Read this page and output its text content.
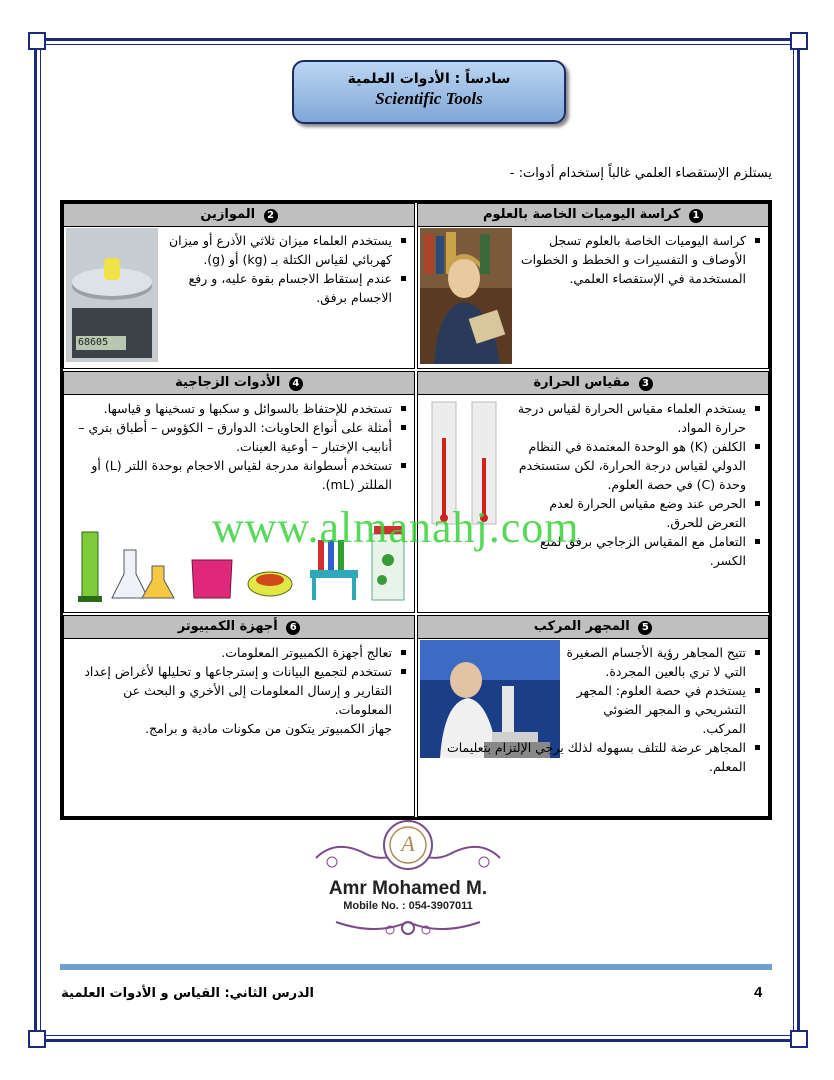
سادساً : الأدوات العلمية
Scientific Tools
يستلزم الإستقصاء العلمي غالباً إستخدام أدوات: -
1 كراسة اليوميات الخاصة بالعلوم
كراسة اليوميات الخاصة بالعلوم تسجل الأوصاف و التفسيرات و الخطط و الخطوات المستخدمة في الإستقصاء العلمي.
2 الموازين
68605
يستخدم العلماء ميزان ثلاثي الأذرع أو ميزان كهربائي لقياس الكتلة بـ (kg) أو (g).
عندم إستقاط الاجسام بقوة عليه، و رفع الاجسام برفق.
3 مقياس الحرارة
يستخدم العلماء مقياس الحرارة لقياس درجة حرارة المواد.
الكلفن (K) هو الوحدة المعتمدة في النظام الدولي لقياس درجة الحرارة، لكن ستستخدم وحدة (C) في حصة العلوم.
الحرص عند وضع مقياس الحرارة لعدم التعرض للحرق.
التعامل مع المقياس الزجاجي برفق لمنع الكسر.
4 الأدوات الزجاجية
تستخدم للإحتفاظ بالسوائل و سكبها و تسخينها و قياسها.
أمثلة على أنواع الحاويات: الدوارق – الكؤوس – أطباق بتري – أنابيب الإختبار – أوعية العينات.
تستخدم أسطوانة مدرجة لقياس الاحجام بوحدة اللتر (L) أو المللتر (mL).
5 المجهر المركب
تتيح المجاهر رؤية الأجسام الصغيرة التي لا تري بالعين المجردة.
يستخدم في حصة العلوم: المجهر التشريحي و المجهر الضوئي المركب.
المجاهر عرضة للتلف بسهوله لذلك يرجي الإلتزام بتعليمات المعلم.
6 أجهزة الكمبيوتر
تعالج أجهزة الكمبيوتر المعلومات.
تستخدم لتجميع البيانات و إسترجاعها و تحليلها لأغراض إعداد التقارير و إرسال المعلومات إلى الأخري و البحث عن المعلومات.
جهاز الكمبيوتر يتكون من مكونات مادية و برامج.
www.almanahj.com
A
Amr Mohamed M.
Mobile No. : 054-3907011
الدرس الثاني: القياس و الأدوات العلمية	4
